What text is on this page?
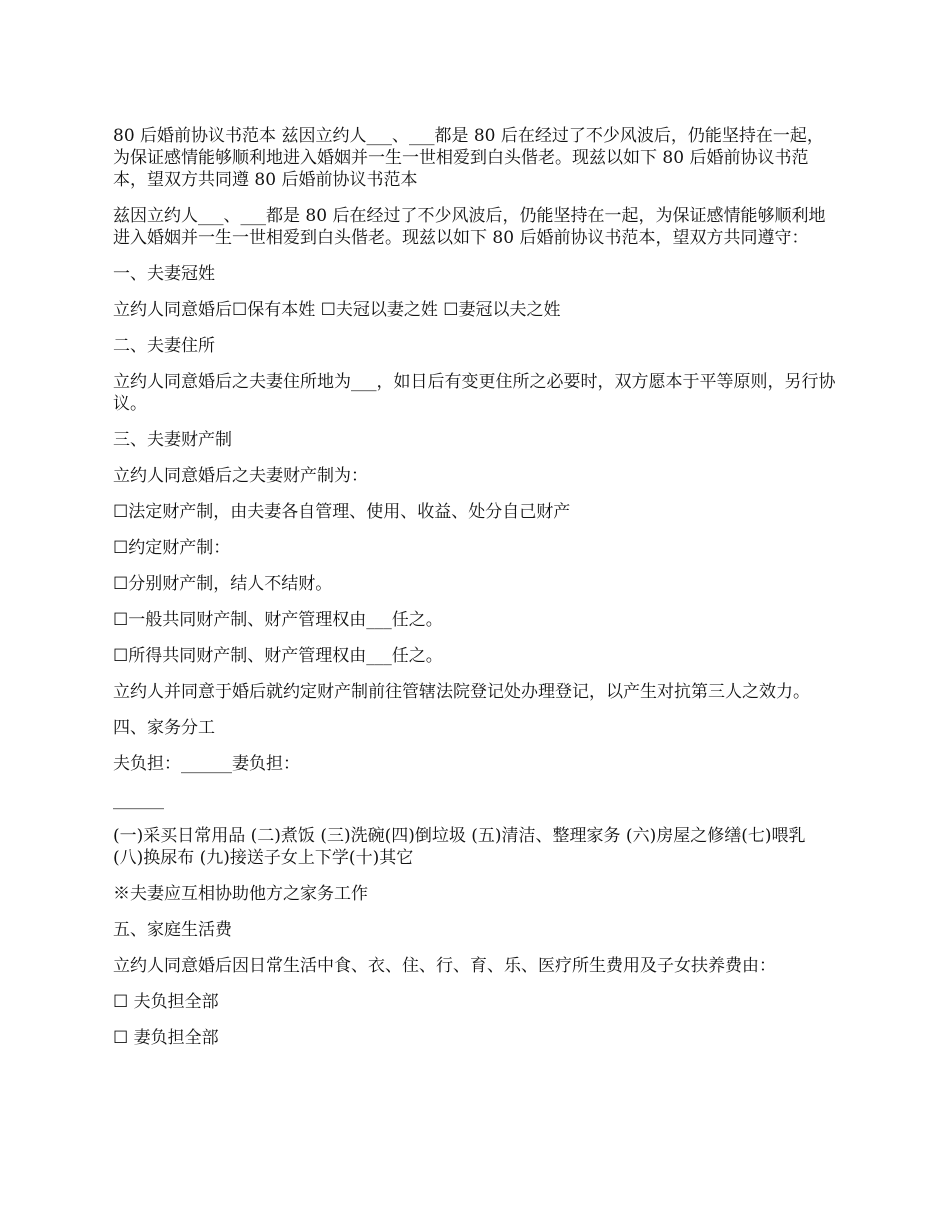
80 后婚前协议书范本 兹因立约人___、___都是 80 后在经过了不少风波后，仍能坚持在一起，为保证感情能够顺利地进入婚姻并一生一世相爱到白头偕老。现兹以如下 80 后婚前协议书范本，望双方共同遵 80 后婚前协议书范本

兹因立约人___、___都是 80 后在经过了不少风波后，仍能坚持在一起，为保证感情能够顺利地进入婚姻并一生一世相爱到白头偕老。现兹以如下 80 后婚前协议书范本，望双方共同遵守：

一、夫妻冠姓

立约人同意婚后☐保有本姓 ☐夫冠以妻之姓 ☐妻冠以夫之姓

二、夫妻住所

立约人同意婚后之夫妻住所地为___，如日后有变更住所之必要时，双方愿本于平等原则，另行协议。

三、夫妻财产制

立约人同意婚后之夫妻财产制为：

☐法定财产制，由夫妻各自管理、使用、收益、处分自己财产

☐约定财产制：

☐分别财产制，结人不结财。

☐一般共同财产制、财产管理权由___任之。

☐所得共同财产制、财产管理权由___任之。

立约人并同意于婚后就约定财产制前往管辖法院登记处办理登记，以产生对抗第三人之效力。

四、家务分工

夫负担：______妻负担：

______

(一)采买日常用品 (二)煮饭 (三)洗碗(四)倒垃圾 (五)清洁、整理家务 (六)房屋之修缮(七)喂乳 (八)换尿布 (九)接送子女上下学(十)其它

※夫妻应互相协助他方之家务工作

五、家庭生活费

立约人同意婚后因日常生活中食、衣、住、行、育、乐、医疗所生费用及子女扶养费由：

☐ 夫负担全部

☐ 妻负担全部
